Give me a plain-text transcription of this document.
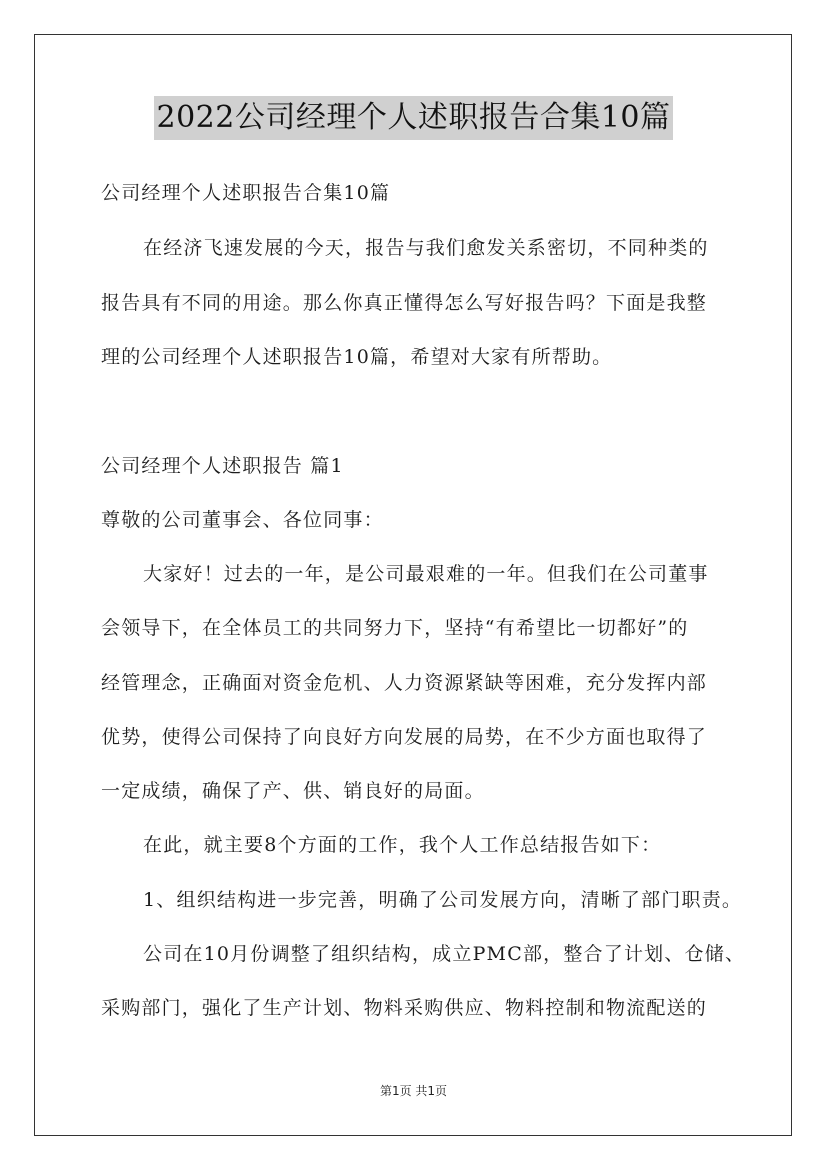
2022公司经理个人述职报告合集10篇
公司经理个人述职报告合集10篇
在经济飞速发展的今天，报告与我们愈发关系密切，不同种类的
报告具有不同的用途。那么你真正懂得怎么写好报告吗？下面是我整
理的公司经理个人述职报告10篇，希望对大家有所帮助。
公司经理个人述职报告 篇1
尊敬的公司董事会、各位同事：
大家好！过去的一年，是公司最艰难的一年。但我们在公司董事
会领导下，在全体员工的共同努力下，坚持“有希望比一切都好”的
经管理念，正确面对资金危机、人力资源紧缺等困难，充分发挥内部
优势，使得公司保持了向良好方向发展的局势，在不少方面也取得了
一定成绩，确保了产、供、销良好的局面。
在此，就主要8个方面的工作，我个人工作总结报告如下：
1、组织结构进一步完善，明确了公司发展方向，清晰了部门职责。
公司在10月份调整了组织结构，成立PMC部，整合了计划、仓储、
采购部门，强化了生产计划、物料采购供应、物料控制和物流配送的
第1页 共1页
